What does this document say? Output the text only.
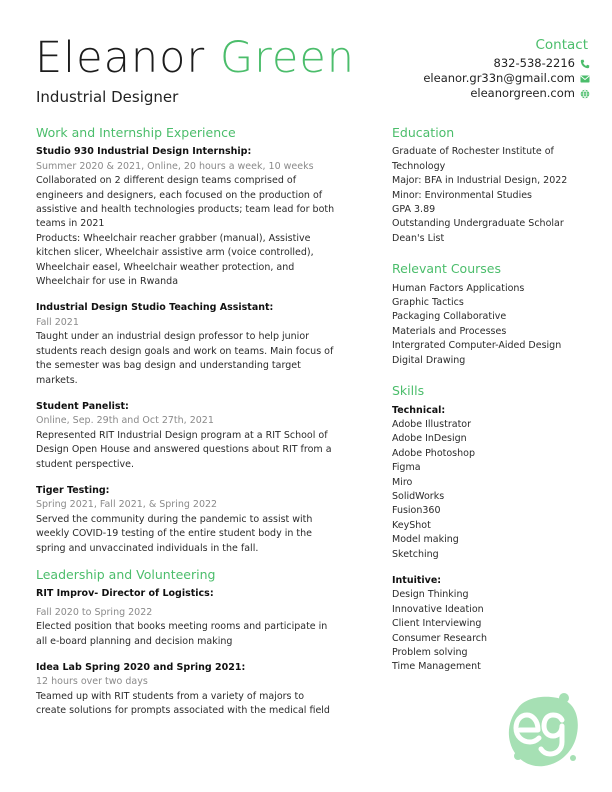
Eleanor Green
Industrial Designer
Contact
832-538-2216
eleanor.gr33n@gmail.com
eleanorgreen.com
Work and Internship Experience
Studio 930 Industrial Design Internship:
Summer 2020 & 2021, Online, 20 hours a week, 10 weeks
Collaborated on 2 different design teams comprised of engineers and designers, each focused on the production of assistive and health technologies products; team lead for both teams in 2021
Products: Wheelchair reacher grabber (manual), Assistive kitchen slicer, Wheelchair assistive arm (voice controlled), Wheelchair easel, Wheelchair weather protection, and Wheelchair for use in Rwanda
Industrial Design Studio Teaching Assistant:
Fall 2021
Taught under an industrial design professor to help junior students reach design goals and work on teams. Main focus of the semester was bag design and understanding target markets.
Student Panelist:
Online, Sep. 29th and Oct 27th, 2021
Represented RIT Industrial Design program at a RIT School of Design Open House and answered questions about RIT from a student perspective.
Tiger Testing:
Spring 2021, Fall 2021, & Spring 2022
Served the community during the pandemic to assist with weekly COVID-19 testing of the entire student body in the spring and unvaccinated individuals in the fall.
Leadership and Volunteering
RIT Improv- Director of Logistics:
Fall 2020 to Spring 2022
Elected position that books meeting rooms and participate in all e-board planning and decision making
Idea Lab Spring 2020 and Spring 2021:
12 hours over two days
Teamed up with RIT students from a variety of majors to create solutions for prompts associated with the medical field
Education
Graduate of Rochester Institute of Technology
Major: BFA in Industrial Design, 2022
Minor: Environmental Studies
GPA 3.89
Outstanding Undergraduate Scholar
Dean's List
Relevant Courses
Human Factors Applications
Graphic Tactics
Packaging Collaborative
Materials and Processes
Intergrated Computer-Aided Design
Digital Drawing
Skills
Technical:
Adobe Illustrator
Adobe InDesign
Adobe Photoshop
Figma
Miro
SolidWorks
Fusion360
KeyShot
Model making
Sketching
Intuitive:
Design Thinking
Innovative Ideation
Client Interviewing
Consumer Research
Problem solving
Time Management
